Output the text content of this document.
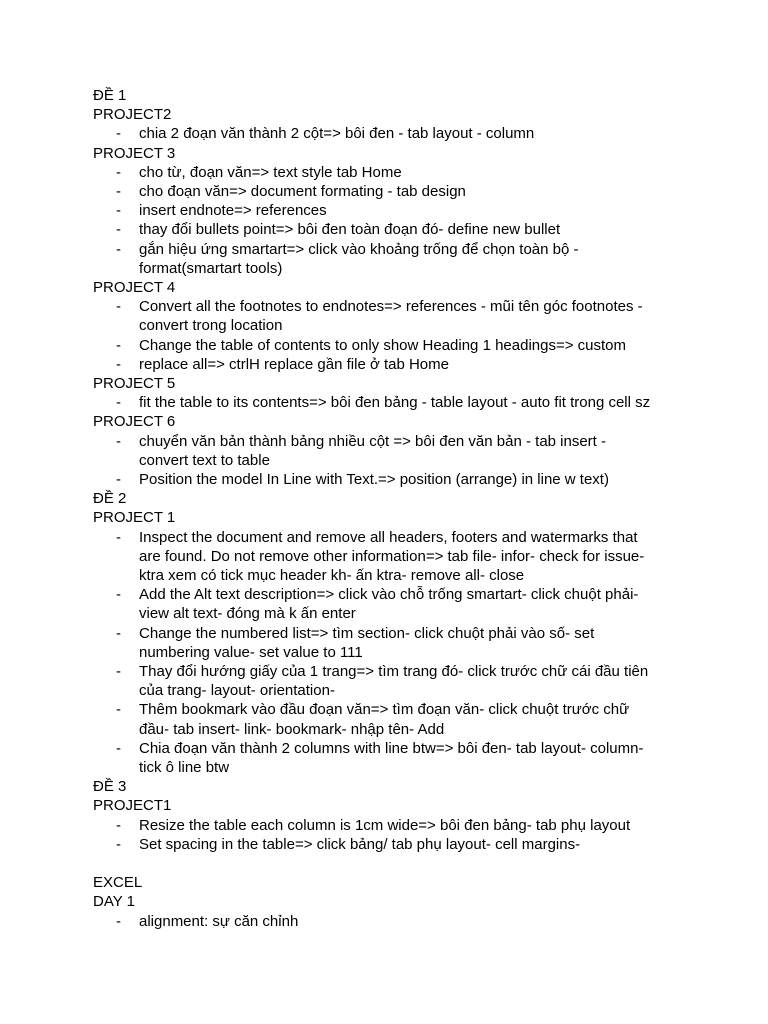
ĐỀ 1
PROJECT2
- chia 2 đoạn văn thành 2 cột=> bôi đen - tab layout - column
PROJECT 3
- cho từ, đoạn văn=> text style tab Home
- cho đoạn văn=> document formating - tab design
- insert endnote=> references
- thay đổi bullets point=> bôi đen toàn đoạn đó- define new bullet
- gắn hiệu ứng smartart=> click vào khoảng trống để chọn toàn bộ -
format(smartart tools)
PROJECT 4
- Convert all the footnotes to endnotes=> references - mũi tên góc footnotes -
convert trong location
- Change the table of contents to only show Heading 1 headings=> custom
- replace all=> ctrlH replace gần file ở tab Home
PROJECT 5
- fit the table to its contents=> bôi đen bảng - table layout - auto fit trong cell sz
PROJECT 6
- chuyển văn bản thành bảng nhiều cột => bôi đen văn bản - tab insert -
convert text to table
- Position the model In Line with Text.=> position (arrange) in line w text)
ĐỀ 2
PROJECT 1
- Inspect the document and remove all headers, footers and watermarks that
are found. Do not remove other information=> tab file- infor- check for issue-
ktra xem có tick mục header kh- ấn ktra- remove all- close
- Add the Alt text description=> click vào chỗ trống smartart- click chuột phải-
view alt text- đóng mà k ấn enter
- Change the numbered list=> tìm section- click chuột phải vào số- set
numbering value- set value to 111
- Thay đổi hướng giấy của 1 trang=> tìm trang đó- click trước chữ cái đầu tiên
của trang- layout- orientation-
- Thêm bookmark vào đầu đoạn văn=> tìm đoạn văn- click chuột trước chữ
đầu- tab insert- link- bookmark- nhập tên- Add
- Chia đoạn văn thành 2 columns with line btw=> bôi đen- tab layout- column-
tick ô line btw
ĐỀ 3
PROJECT1
- Resize the table each column is 1cm wide=> bôi đen bảng- tab phụ layout
- Set spacing in the table=> click bảng/ tab phụ layout- cell margins-
EXCEL
DAY 1
- alignment: sự căn chỉnh
